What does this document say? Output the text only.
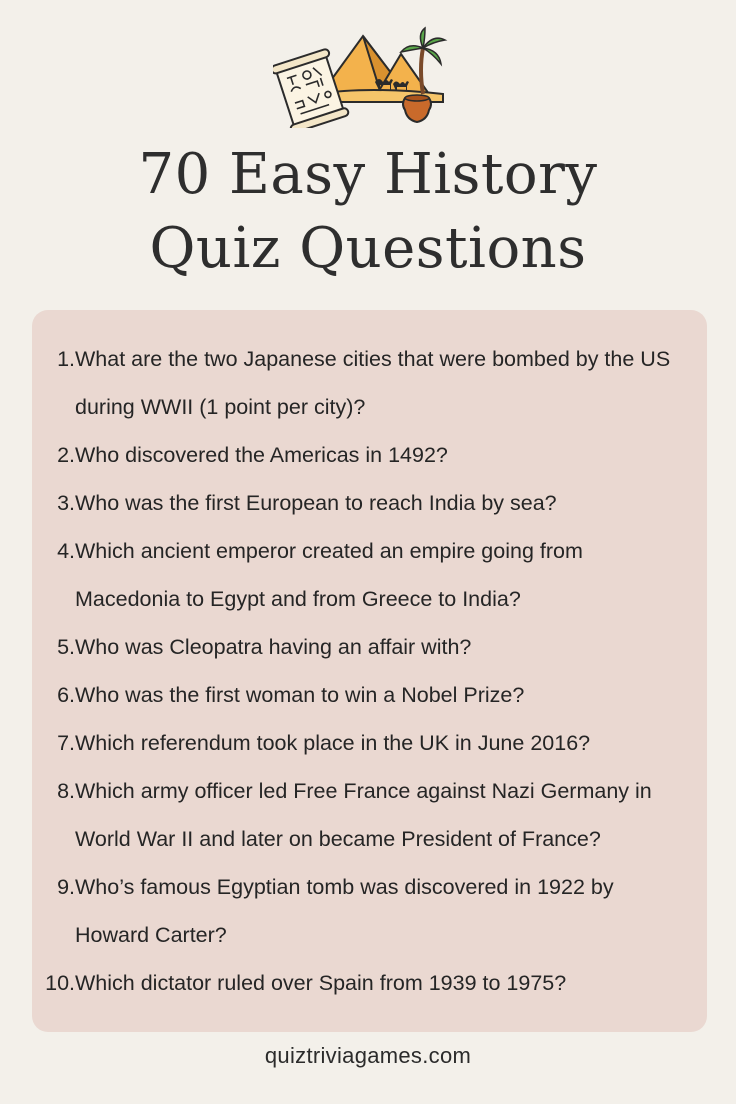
70 Easy History
Quiz Questions
1. What are the two Japanese cities that were bombed by the US during WWII (1 point per city)?
2. Who discovered the Americas in 1492?
3. Who was the first European to reach India by sea?
4. Which ancient emperor created an empire going from Macedonia to Egypt and from Greece to India?
5. Who was Cleopatra having an affair with?
6. Who was the first woman to win a Nobel Prize?
7. Which referendum took place in the UK in June 2016?
8. Which army officer led Free France against Nazi Germany in World War II and later on became President of France?
9. Who’s famous Egyptian tomb was discovered in 1922 by Howard Carter?
10. Which dictator ruled over Spain from 1939 to 1975?
quiztriviagames.com
